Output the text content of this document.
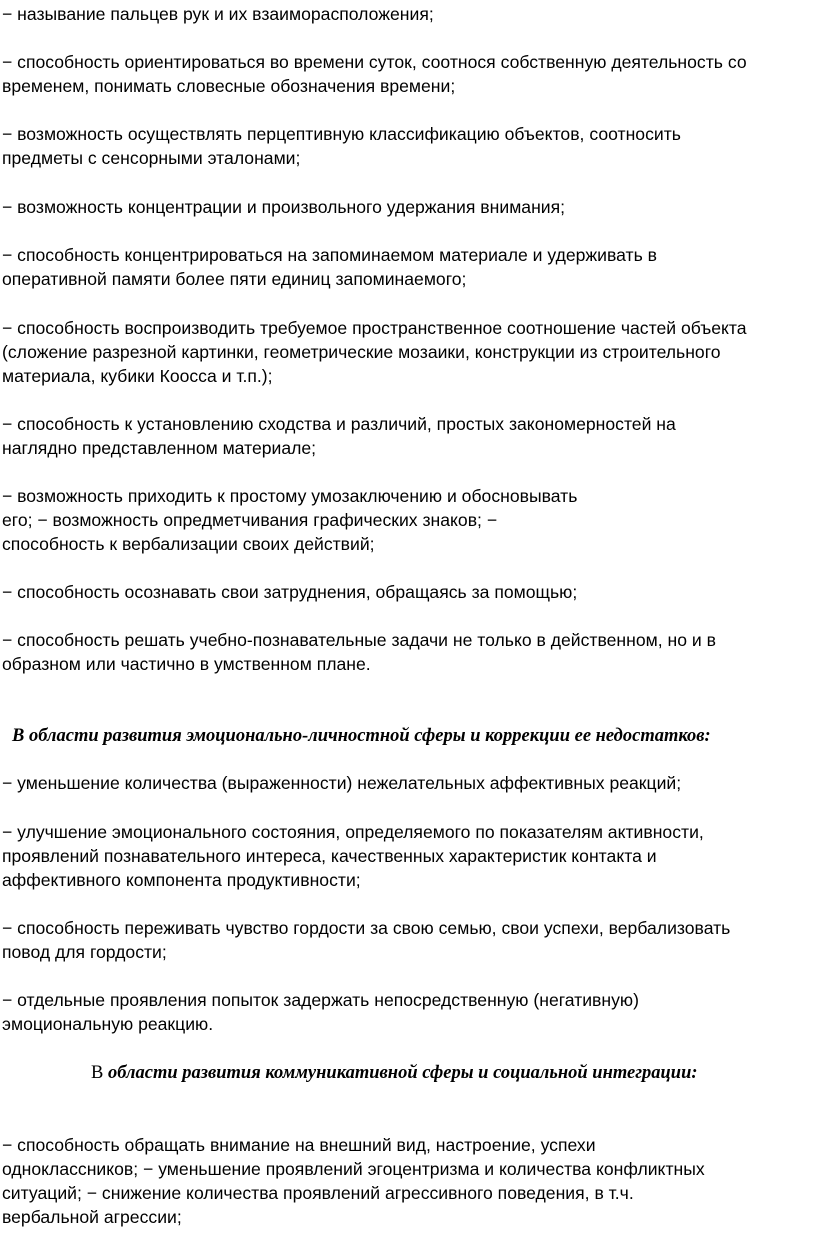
− называние пальцев рук и их взаиморасположения;
− способность ориентироваться во времени суток, соотнося собственную деятельность со
временем, понимать словесные обозначения времени;
− возможность осуществлять перцептивную классификацию объектов, соотносить
предметы с сенсорными эталонами;
− возможность концентрации и произвольного удержания внимания;
− способность концентрироваться на запоминаемом материале и удерживать в
оперативной памяти более пяти единиц запоминаемого;
− способность воспроизводить требуемое пространственное соотношение частей объекта
(сложение разрезной картинки, геометрические мозаики, конструкции из строительного
материала, кубики Коосса и т.п.);
− способность к установлению сходства и различий, простых закономерностей на
наглядно представленном материале;
− возможность приходить к простому умозаключению и обосновывать
его; − возможность опредметчивания графических знаков; −
способность к вербализации своих действий;
− способность осознавать свои затруднения, обращаясь за помощью;
− способность решать учебно-познавательные задачи не только в действенном, но и в
образном или частично в умственном плане.
В области развития эмоционально-личностной сферы и коррекции ее недостатков:
− уменьшение количества (выраженности) нежелательных аффективных реакций;
− улучшение эмоционального состояния, определяемого по показателям активности,
проявлений познавательного интереса, качественных характеристик контакта и
аффективного компонента продуктивности;
− способность переживать чувство гордости за свою семью, свои успехи, вербализовать
повод для гордости;
− отдельные проявления попыток задержать непосредственную (негативную)
эмоциональную реакцию.
В области развития коммуникативной сферы и социальной интеграции:
− способность обращать внимание на внешний вид, настроение, успехи
одноклассников; − уменьшение проявлений эгоцентризма и количества конфликтных
ситуаций; − снижение количества проявлений агрессивного поведения, в т.ч.
вербальной агрессии;
